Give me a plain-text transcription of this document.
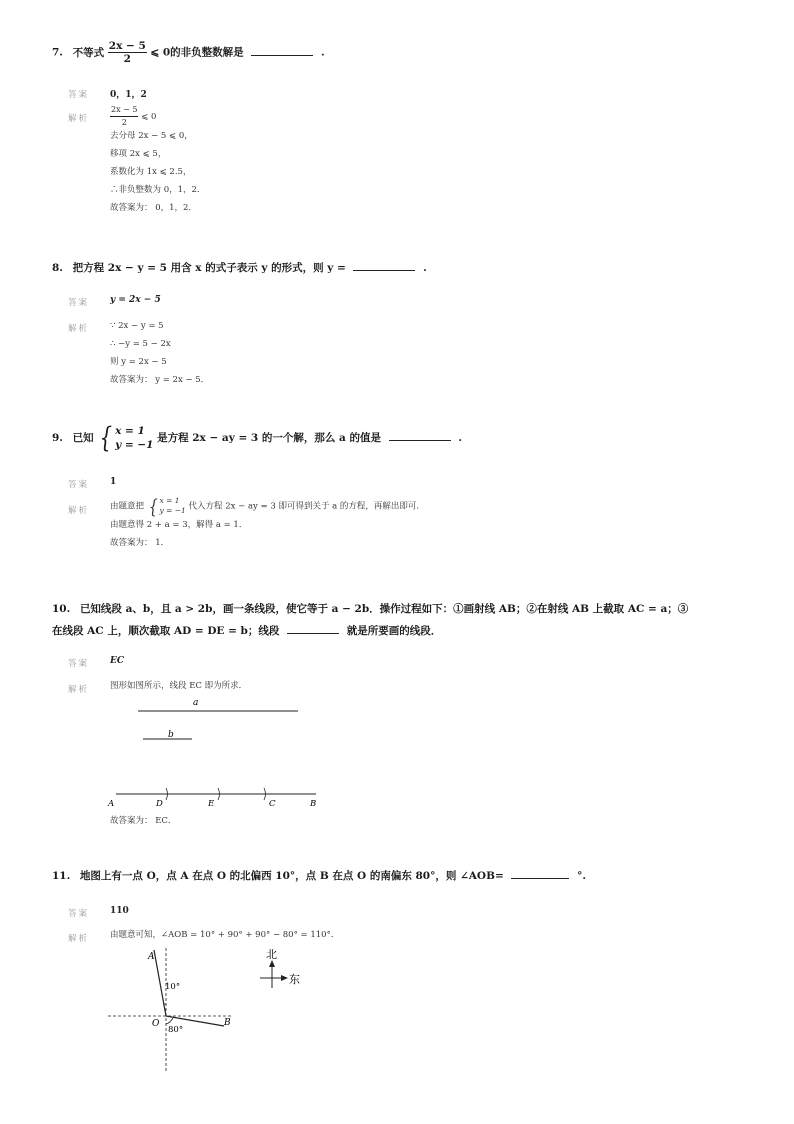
7. 不等式 $\frac{2x - 5}{2}$ ⩽ 0的非负整数解是	.
答案 0，1，2
解析	$\frac{2x - 5}{2}$ ⩽ 0
去分母 2x − 5 ⩽ 0，
移项 2x ⩽ 5，
系数化为 1x ⩽ 2.5，
∴非负整数为 0，1，2．
故答案为： 0，1，2．
8. 把方程 2x − y = 5 用含 x 的式子表示 y 的形式，则 y =	.
答案 y = 2x − 5
解析 ∵ 2x − y = 5
∴ −y = 5 − 2x
则 y = 2x − 5
故答案为： y = 2x − 5．
9. 已知 { x = 1
y = −1
是方程 2x − ay = 3 的一个解，那么 a 的值是	.
答案 1
解析 由题意把 { x = 1
y = −1 代入方程 2x − ay = 3 即可得到关于 a 的方程，再解出即可．
由题意得 2 + a = 3，解得 a = 1．
故答案为： 1．
10. 已知线段 a、b，且 a > 2b，画一条线段，使它等于 a − 2b．操作过程如下：①画射线 AB；②在射线 AB 上截取 AC = a；③
在线段 AC 上，顺次截取 AD = DE = b；线段	就是所要画的线段．
答案 EC
解析 图形如图所示，线段 EC 即为所求．
a
b
A	D	E	C	B
故答案为： EC．
11. 地图上有一点 O，点 A 在点 O 的北偏西 10°，点 B 在点 O 的南偏东 80°，则 ∠AOB=	°.
答案 110
解析 由题意可知，∠AOB = 10° + 90° + 90° − 80° = 110°．
A
O	B
10°
80°
北
东
